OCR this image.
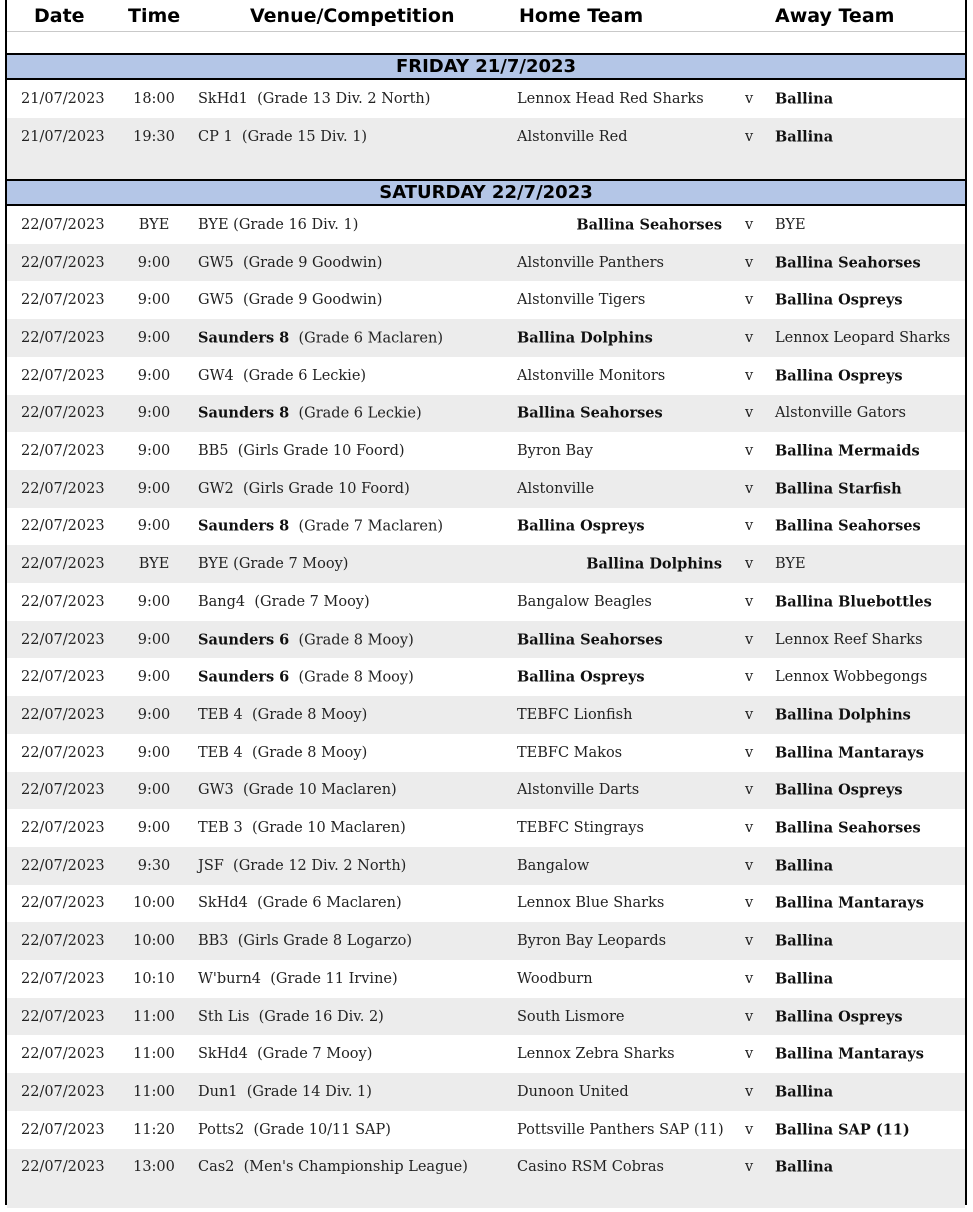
Date Time	Venue/Competition	Home Team	Away Team
FRIDAY 21/7/2023
21/07/2023	18:00	SkHd1 (Grade 13 Div. 2 North)	Lennox Head Red Sharks	v Ballina
21/07/2023	19:30	CP 1 (Grade 15 Div. 1)	Alstonville Red	v Ballina
SATURDAY 22/7/2023
22/07/2023	BYE	BYE (Grade 16 Div. 1)	Ballina Seahorses v BYE
22/07/2023	9:00	GW5 (Grade 9 Goodwin)	Alstonville Panthers	v Ballina Seahorses
22/07/2023	9:00	GW5 (Grade 9 Goodwin)	Alstonville Tigers	v Ballina Ospreys
22/07/2023	9:00	Saunders 8 (Grade 6 Maclaren)	Ballina Dolphins	v Lennox Leopard Sharks
22/07/2023	9:00	GW4 (Grade 6 Leckie)	Alstonville Monitors	v Ballina Ospreys
22/07/2023	9:00	Saunders 8 (Grade 6 Leckie)	Ballina Seahorses	v Alstonville Gators
22/07/2023	9:00	BB5 (Girls Grade 10 Foord)	Byron Bay	v Ballina Mermaids
22/07/2023	9:00	GW2 (Girls Grade 10 Foord)	Alstonville	v Ballina Starfish
22/07/2023	9:00	Saunders 8 (Grade 7 Maclaren)	Ballina Ospreys	v Ballina Seahorses
22/07/2023	BYE	BYE (Grade 7 Mooy)	Ballina Dolphins v BYE
22/07/2023	9:00	Bang4 (Grade 7 Mooy)	Bangalow Beagles	v Ballina Bluebottles
22/07/2023	9:00	Saunders 6 (Grade 8 Mooy)	Ballina Seahorses	v Lennox Reef Sharks
22/07/2023	9:00	Saunders 6 (Grade 8 Mooy)	Ballina Ospreys	v Lennox Wobbegongs
22/07/2023	9:00	TEB 4 (Grade 8 Mooy)	TEBFC Lionfish	v Ballina Dolphins
22/07/2023	9:00	TEB 4 (Grade 8 Mooy)	TEBFC Makos	v Ballina Mantarays
22/07/2023	9:00	GW3 (Grade 10 Maclaren)	Alstonville Darts	v Ballina Ospreys
22/07/2023	9:00	TEB 3 (Grade 10 Maclaren)	TEBFC Stingrays	v Ballina Seahorses
22/07/2023	9:30	JSF (Grade 12 Div. 2 North)	Bangalow	v Ballina
22/07/2023	10:00	SkHd4 (Grade 6 Maclaren)	Lennox Blue Sharks	v Ballina Mantarays
22/07/2023	10:00	BB3 (Girls Grade 8 Logarzo)	Byron Bay Leopards	v Ballina
22/07/2023	10:10	W'burn4 (Grade 11 Irvine)	Woodburn	v Ballina
22/07/2023	11:00	Sth Lis (Grade 16 Div. 2)	South Lismore	v Ballina Ospreys
22/07/2023	11:00	SkHd4 (Grade 7 Mooy)	Lennox Zebra Sharks	v Ballina Mantarays
22/07/2023	11:00	Dun1 (Grade 14 Div. 1)	Dunoon United	v Ballina
22/07/2023	11:20	Potts2 (Grade 10/11 SAP)	Pottsville Panthers SAP (11) v Ballina SAP (11)
22/07/2023	13:00	Cas2 (Men's Championship League)	Casino RSM Cobras	v Ballina
